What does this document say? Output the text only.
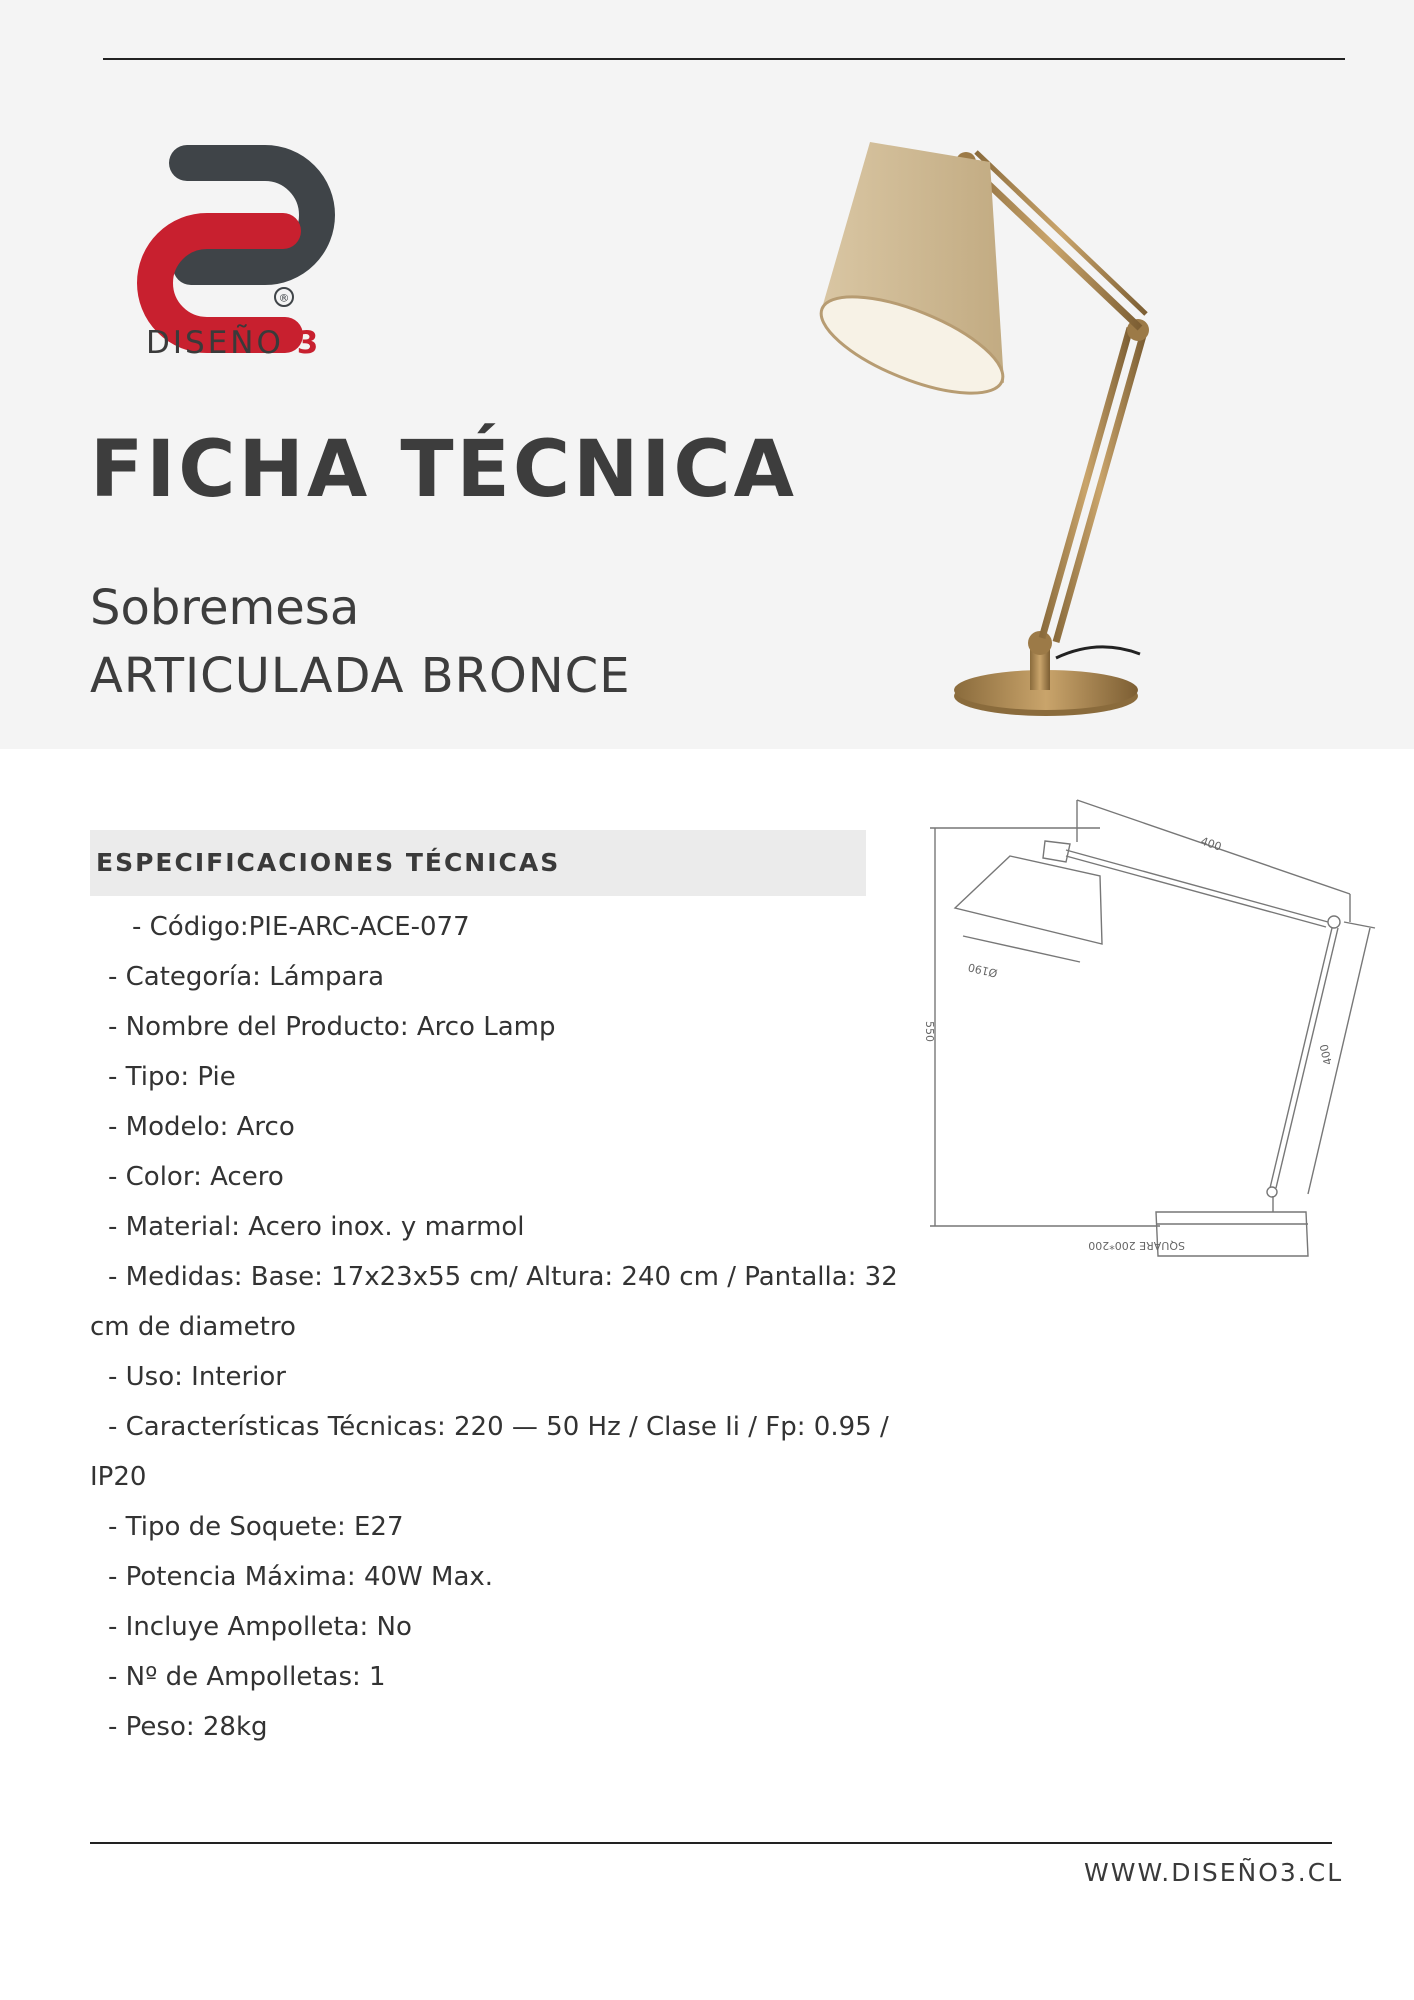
®
DISEÑO 3
FICHA TÉCNICA
Sobremesa
ARTICULADA BRONCE
400
Ø190
550
400
SQUARE 200*200
ESPECIFICACIONES TÉCNICAS
- Código:PIE-ARC-ACE-077
- Categoría: Lámpara
- Nombre del Producto: Arco Lamp
- Tipo: Pie
- Modelo: Arco
- Color: Acero
- Material: Acero inox. y marmol
- Medidas: Base: 17x23x55 cm/ Altura: 240 cm / Pantalla: 32
cm de diametro
- Uso: Interior
- Características Técnicas: 220 — 50 Hz / Clase Ii / Fp: 0.95 /
IP20
- Tipo de Soquete: E27
- Potencia Máxima: 40W Max.
- Incluye Ampolleta: No
- Nº de Ampolletas: 1
- Peso: 28kg
WWW.DISEÑO3.CL
